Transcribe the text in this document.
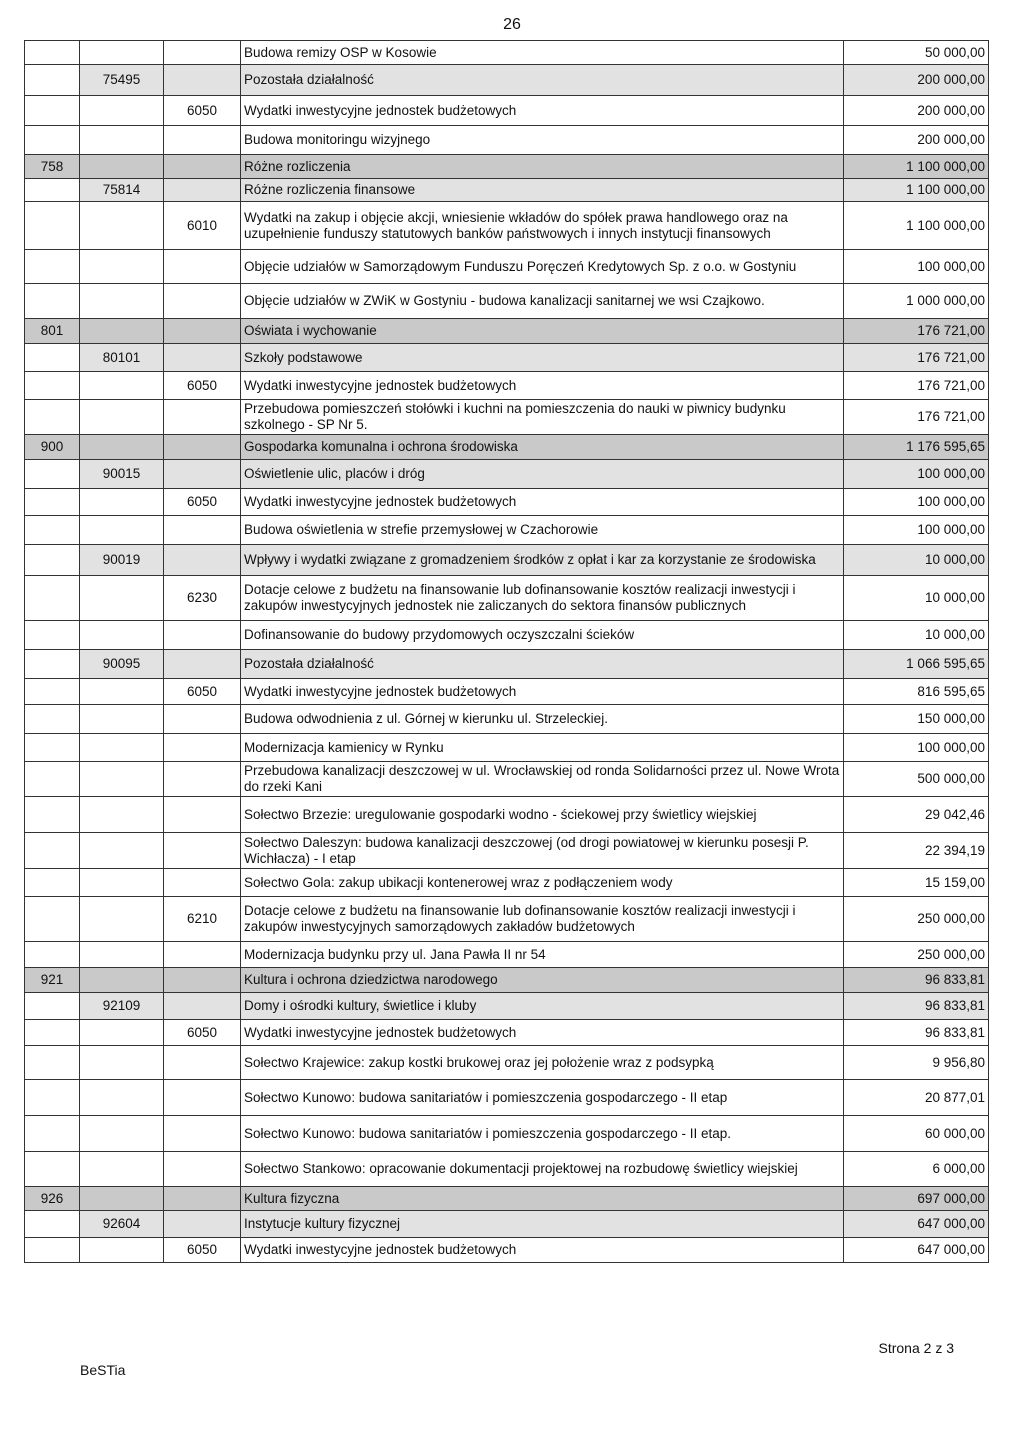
26
			Budowa remizy OSP w Kosowie	50 000,00
	75495		Pozostała działalność	200 000,00
		6050	Wydatki inwestycyjne jednostek budżetowych	200 000,00
			Budowa monitoringu wizyjnego	200 000,00
758			Różne rozliczenia	1 100 000,00
	75814		Różne rozliczenia finansowe	1 100 000,00
		6010	Wydatki na zakup i objęcie akcji, wniesienie wkładów do spółek prawa handlowego oraz na uzupełnienie funduszy statutowych banków państwowych i innych instytucji finansowych	1 100 000,00
			Objęcie udziałów w Samorządowym Funduszu Poręczeń Kredytowych Sp. z o.o. w Gostyniu	100 000,00
			Objęcie udziałów w ZWiK w Gostyniu - budowa kanalizacji sanitarnej we wsi Czajkowo.	1 000 000,00
801			Oświata i wychowanie	176 721,00
	80101		Szkoły podstawowe	176 721,00
		6050	Wydatki inwestycyjne jednostek budżetowych	176 721,00
			Przebudowa pomieszczeń stołówki i kuchni na pomieszczenia do nauki w piwnicy budynku szkolnego - SP Nr 5.	176 721,00
900			Gospodarka komunalna i ochrona środowiska	1 176 595,65
	90015		Oświetlenie ulic, placów i dróg	100 000,00
		6050	Wydatki inwestycyjne jednostek budżetowych	100 000,00
			Budowa oświetlenia w strefie przemysłowej w Czachorowie	100 000,00
	90019		Wpływy i wydatki związane z gromadzeniem środków z opłat i kar za korzystanie ze środowiska	10 000,00
		6230	Dotacje celowe z budżetu na finansowanie lub dofinansowanie kosztów realizacji inwestycji i zakupów inwestycyjnych jednostek nie zaliczanych do sektora finansów publicznych	10 000,00
			Dofinansowanie do budowy przydomowych oczyszczalni ścieków	10 000,00
	90095		Pozostała działalność	1 066 595,65
		6050	Wydatki inwestycyjne jednostek budżetowych	816 595,65
			Budowa odwodnienia z ul. Górnej w kierunku ul. Strzeleckiej.	150 000,00
			Modernizacja kamienicy w Rynku	100 000,00
			Przebudowa kanalizacji deszczowej w ul. Wrocławskiej od ronda Solidarności przez ul. Nowe Wrota do rzeki Kani	500 000,00
			Sołectwo Brzezie: uregulowanie gospodarki wodno - ściekowej przy świetlicy wiejskiej	29 042,46
			Sołectwo Daleszyn: budowa kanalizacji deszczowej (od drogi powiatowej w kierunku posesji P. Wichłacza) - I etap	22 394,19
			Sołectwo Gola: zakup ubikacji kontenerowej wraz z podłączeniem wody	15 159,00
		6210	Dotacje celowe z budżetu na finansowanie lub dofinansowanie kosztów realizacji inwestycji i zakupów inwestycyjnych samorządowych zakładów budżetowych	250 000,00
			Modernizacja budynku przy ul. Jana Pawła II nr 54	250 000,00
921			Kultura i ochrona dziedzictwa narodowego	96 833,81
	92109		Domy i ośrodki kultury, świetlice i kluby	96 833,81
		6050	Wydatki inwestycyjne jednostek budżetowych	96 833,81
			Sołectwo Krajewice: zakup kostki brukowej oraz jej położenie wraz z podsypką	9 956,80
			Sołectwo Kunowo: budowa sanitariatów i pomieszczenia gospodarczego - II etap	20 877,01
			Sołectwo Kunowo: budowa sanitariatów i pomieszczenia gospodarczego - II etap.	60 000,00
			Sołectwo Stankowo: opracowanie dokumentacji projektowej na rozbudowę świetlicy wiejskiej	6 000,00
926			Kultura fizyczna	697 000,00
	92604		Instytucje kultury fizycznej	647 000,00
		6050	Wydatki inwestycyjne jednostek budżetowych	647 000,00
BeSTia
Strona 2 z 3
